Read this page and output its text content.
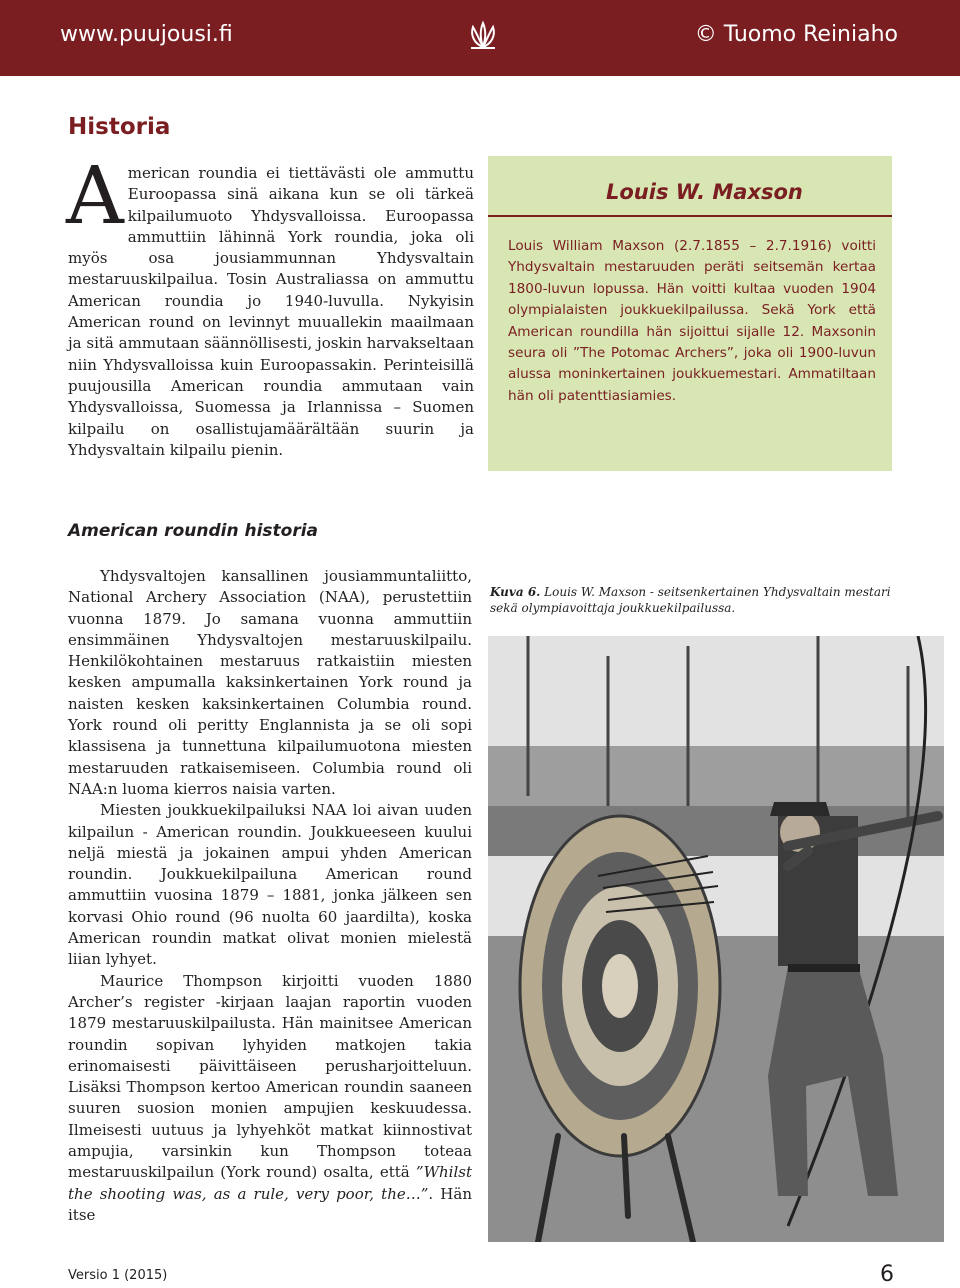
www.puujousi.fi	© Tuomo Reiniaho
Historia

American roundia ei tiettävästi ole ammuttu Euroopassa sinä aikana kun se oli tärkeä kilpailumuoto Yhdysvalloissa. Euroopassa ammuttiin lähinnä York roundia, joka oli myös osa jousiammunnan Yhdysvaltain mestaruuskilpailua. Tosin Australiassa on ammuttu American roundia jo 1940-luvulla. Nykyisin American round on levinnyt muuallekin maailmaan ja sitä ammutaan säännöllisesti, joskin harvakseltaan niin Yhdysvalloissa kuin Euroopassakin. Perinteisillä puujousilla American roundia ammutaan vain Yhdysvalloissa, Suomessa ja Irlannissa – Suomen kilpailu on osallistujamäärältään suurin ja Yhdysvaltain kilpailu pienin.

Louis W. Maxson

Louis William Maxson (2.7.1855 – 2.7.1916) voitti Yhdysvaltain mestaruuden peräti seitsemän kertaa 1800-luvun lopussa. Hän voitti kultaa vuoden 1904 olympialaisten joukkuekilpailussa. Sekä York että American roundilla hän sijoittui sijalle 12. Maxsonin seura oli ”The Potomac Archers”, joka oli 1900-luvun alussa moninkertainen joukkuemestari. Ammatiltaan hän oli patenttiasiamies.

American roundin historia

Yhdysvaltojen kansallinen jousiammuntaliitto, National Archery Association (NAA), perustettiin vuonna 1879. Jo samana vuonna ammuttiin ensimmäinen Yhdysvaltojen mestaruuskilpailu. Henkilökohtainen mestaruus ratkaistiin miesten kesken ampumalla kaksinkertainen York round ja naisten kesken kaksinkertainen Columbia round. York round oli peritty Englannista ja se oli sopi klassisena ja tunnettuna kilpailumuotona miesten mestaruuden ratkaisemiseen. Columbia round oli NAA:n luoma kierros naisia varten.

Miesten joukkuekilpailuksi NAA loi aivan uuden kilpailun - American roundin. Joukkueeseen kuului neljä miestä ja jokainen ampui yhden American roundin. Joukkuekilpailuna American round ammuttiin vuosina 1879 – 1881, jonka jälkeen sen korvasi Ohio round (96 nuolta 60 jaardilta), koska American roundin matkat olivat monien mielestä liian lyhyet.

Maurice Thompson kirjoitti vuoden 1880 Archer’s register -kirjaan laajan raportin vuoden 1879 mestaruuskilpailusta. Hän mainitsee American roundin sopivan lyhyiden matkojen takia erinomaisesti päivittäiseen perusharjoitteluun. Lisäksi Thompson kertoo American roundin saaneen suuren suosion monien ampujien keskuudessa. Ilmeisesti uutuus ja lyhyehköt matkat kiinnostivat ampujia, varsinkin kun Thompson toteaa mestaruuskilpailun (York round) osalta, että ”Whilst the shooting was, as a rule, very poor, the…”. Hän itse

Kuva 6. Louis W. Maxson - seitsenkertainen Yhdysvaltain mestari sekä olympiavoittaja joukkuekilpailussa.

Versio 1 (2015)	6
